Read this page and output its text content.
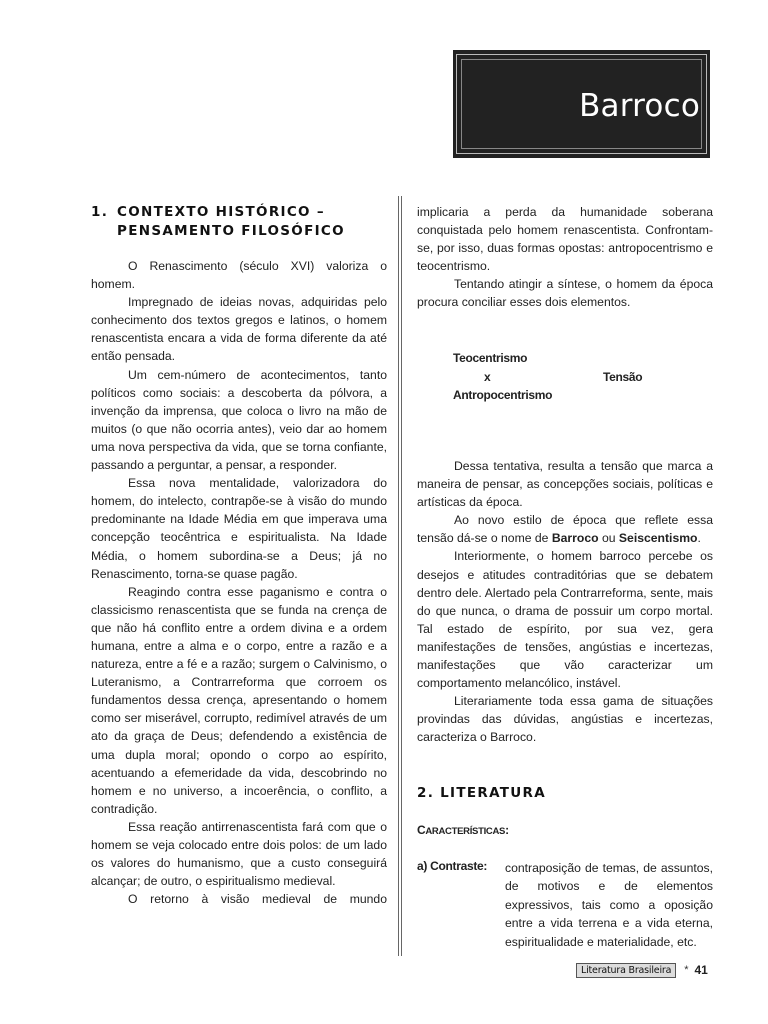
Barroco
1. CONTEXTO HISTÓRICO –
PENSAMENTO FILOSÓFICO

O Renascimento (século XVI) valoriza o homem.

Impregnado de ideias novas, adquiridas pelo conhecimento dos textos gregos e latinos, o homem renascentista encara a vida de forma diferente da até então pensada.

Um cem-número de acontecimentos, tanto políticos como sociais: a descoberta da pólvora, a invenção da imprensa, que coloca o livro na mão de muitos (o que não ocorria antes), veio dar ao homem uma nova perspectiva da vida, que se torna confiante, passando a perguntar, a pensar, a responder.

Essa nova mentalidade, valorizadora do homem, do intelecto, contrapõe-se à visão do mundo predominante na Idade Média em que imperava uma concepção teocêntrica e espiritualista. Na Idade Média, o homem subordina-se a Deus; já no Renascimento, torna-se quase pagão.

Reagindo contra esse paganismo e contra o classicismo renascentista que se funda na crença de que não há conflito entre a ordem divina e a ordem humana, entre a alma e o corpo, entre a razão e a natureza, entre a fé e a razão; surgem o Calvinismo, o Luteranismo, a Contrarreforma que corroem os fundamentos dessa crença, apresentando o homem como ser miserável, corrupto, redimível através de um ato da graça de Deus; defendendo a existência de uma dupla moral; opondo o corpo ao espírito, acentuando a efemeridade da vida, descobrindo no homem e no universo, a incoerência, o conflito, a contradição.

Essa reação antirrenascentista fará com que o homem se veja colocado entre dois polos: de um lado os valores do humanismo, que a custo conseguirá alcançar; de outro, o espiritualismo medieval.

O retorno à visão medieval de mundo

implicaria a perda da humanidade soberana conquistada pelo homem renascentista. Confrontam-se, por isso, duas formas opostas: antropocentrismo e teocentrismo.

Tentando atingir a síntese, o homem da época procura conciliar esses dois elementos.

Teocentrismo
x	Tensão
Antropocentrismo

Dessa tentativa, resulta a tensão que marca a maneira de pensar, as concepções sociais, políticas e artísticas da época.

Ao novo estilo de época que reflete essa tensão dá-se o nome de Barroco ou Seiscentismo.

Interiormente, o homem barroco percebe os desejos e atitudes contraditórias que se debatem dentro dele. Alertado pela Contrarreforma, sente, mais do que nunca, o drama de possuir um corpo mortal. Tal estado de espírito, por sua vez, gera manifestações de tensões, angústias e incertezas, manifestações que vão caracterizar um comportamento melancólico, instável.

Literariamente toda essa gama de situações provindas das dúvidas, angústias e incertezas, caracteriza o Barroco.

2. LITERATURA
CARACTERÍSTICAS:
a) Contraste: contraposição de temas, de assuntos, de motivos e de elementos expressivos, tais como a oposição entre a vida terrena e a vida eterna, espiritualidade e materialidade, etc.
Literatura Brasileira	* 41
